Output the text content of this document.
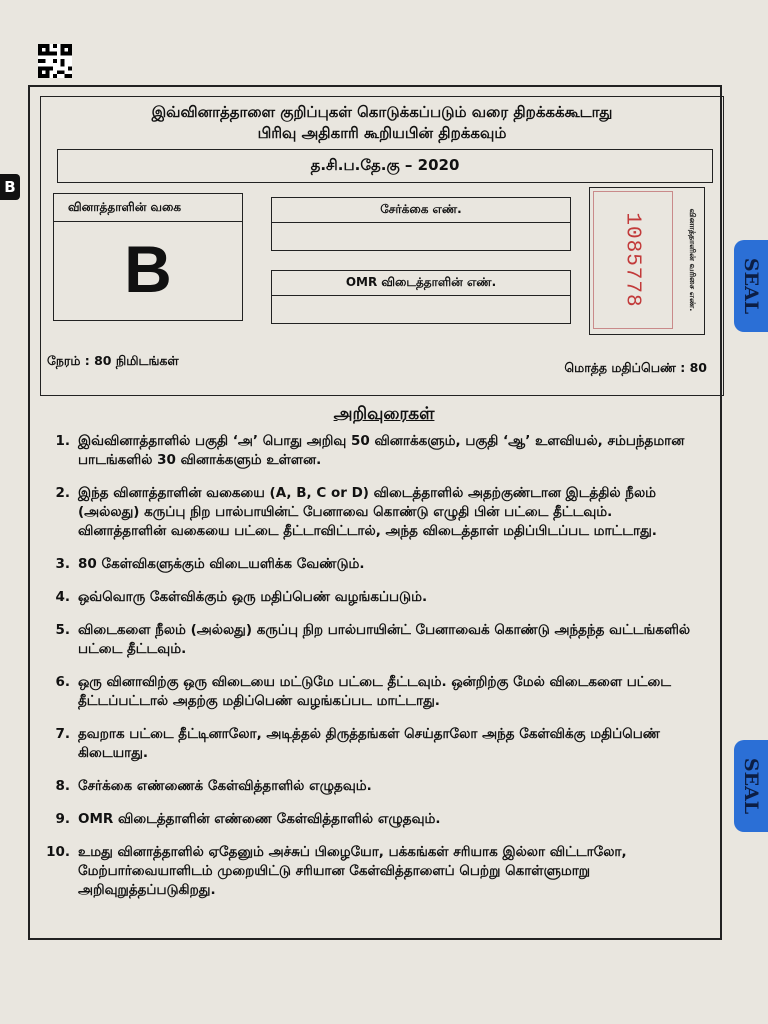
B
SEAL
SEAL
இவ்வினாத்தாளை குறிப்புகள் கொடுக்கப்படும் வரை திறக்கக்கூடாது
பிரிவு அதிகாரி கூறியபின் திறக்கவும்
த.சி.ப.தே.கு – 2020
வினாத்தாளின் வகை
B
சேர்க்கை எண்.
OMR விடைத்தாளின் எண்.	1085778	வினாத்தாளின் வரிசை எண்.
நேரம் : 80 நிமிடங்கள்	மொத்த மதிப்பெண் : 80
அறிவுரைகள்
1. இவ்வினாத்தாளில் பகுதி ‘அ’ பொது அறிவு 50 வினாக்களும், பகுதி ‘ஆ’ உளவியல், சம்பந்தமான பாடங்களில் 30 வினாக்களும் உள்ளன.
2. இந்த வினாத்தாளின் வகையை (A, B, C or D) விடைத்தாளில் அதற்குண்டான இடத்தில் நீலம் (அல்லது) கருப்பு நிற பால்பாயின்ட் பேனாவை கொண்டு எழுதி பின் பட்டை தீட்டவும். வினாத்தாளின் வகையை பட்டை தீட்டாவிட்டால், அந்த விடைத்தாள் மதிப்பிடப்பட மாட்டாது.
3. 80 கேள்விகளுக்கும் விடையளிக்க வேண்டும்.
4. ஒவ்வொரு கேள்விக்கும் ஒரு மதிப்பெண் வழங்கப்படும்.
5. விடைகளை நீலம் (அல்லது) கருப்பு நிற பால்பாயின்ட் பேனாவைக் கொண்டு அந்தந்த வட்டங்களில் பட்டை தீட்டவும்.
6. ஒரு வினாவிற்கு ஒரு விடையை மட்டுமே பட்டை தீட்டவும். ஒன்றிற்கு மேல் விடைகளை பட்டை தீட்டப்பட்டால் அதற்கு மதிப்பெண் வழங்கப்பட மாட்டாது.
7. தவறாக பட்டை தீட்டினாலோ, அடித்தல் திருத்தங்கள் செய்தாலோ அந்த கேள்விக்கு மதிப்பெண் கிடையாது.
8. சேர்க்கை எண்ணைக் கேள்வித்தாளில் எழுதவும்.
9. OMR விடைத்தாளின் எண்ணை கேள்வித்தாளில் எழுதவும்.
10. உமது வினாத்தாளில் ஏதேனும் அச்சுப் பிழையோ, பக்கங்கள் சரியாக இல்லா விட்டாலோ, மேற்பார்வையாளிடம் முறையிட்டு சரியான கேள்வித்தாளைப் பெற்று கொள்ளுமாறு அறிவுறுத்தப்படுகிறது.
